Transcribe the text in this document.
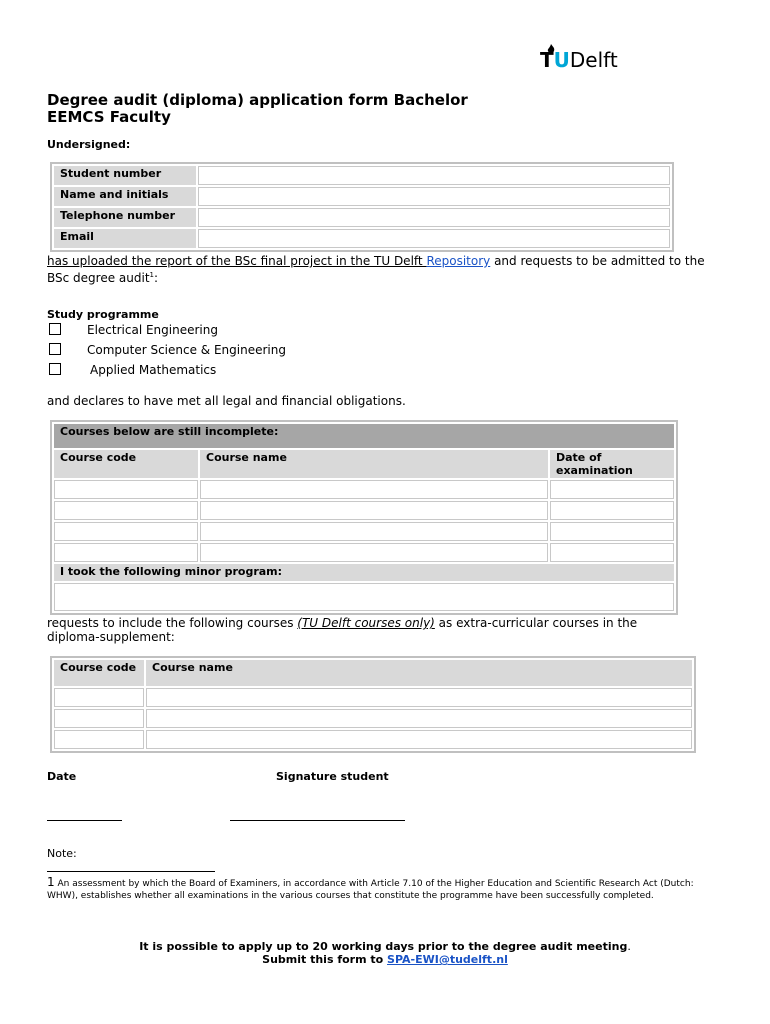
TUDelft
Degree audit (diploma) application form Bachelor
EEMCS Faculty
Undersigned:
Student number	
Name and initials	
Telephone number	
Email	
has uploaded the report of the BSc final project in the TU Delft Repository and requests to be admitted to the
BSc degree audit$^1$:
Study programme
Electrical Engineering
Computer Science & Engineering
Applied Mathematics
and declares to have met all legal and financial obligations.
Courses below are still incomplete:		
Course code	Course name	Date of examination

I took the following minor program:		

requests to include the following courses (TU Delft courses only) as extra-curricular courses in the
diploma-supplement:
Course code	Course name

Date	Signature student
Note:
1 An assessment by which the Board of Examiners, in accordance with Article 7.10 of the Higher Education and Scientific Research Act (Dutch: WHW), establishes whether all examinations in the various courses that constitute the programme have been successfully completed.
It is possible to apply up to 20 working days prior to the degree audit meeting.
Submit this form to SPA-EWI@tudelft.nl
